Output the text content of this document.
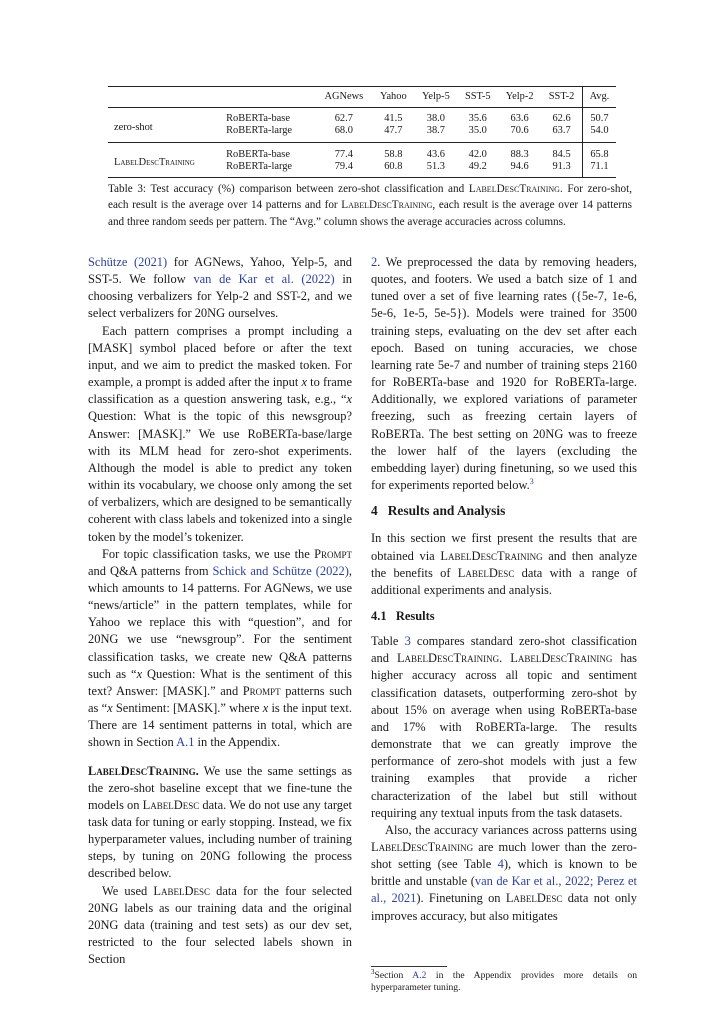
		AGNews	Yahoo	Yelp-5	SST-5	Yelp-2	SST-2	Avg.
zero-shot	RoBERTa-base	62.7	41.5	38.0	35.6	63.6	62.6	50.7
	RoBERTa-large	68.0	47.7	38.7	35.0	70.6	63.7	54.0
LabelDescTraining	RoBERTa-base	77.4	58.8	43.6	42.0	88.3	84.5	65.8
	RoBERTa-large	79.4	60.8	51.3	49.2	94.6	91.3	71.1

Table 3: Test accuracy (%) comparison between zero-shot classification and LabelDescTraining. For zero-shot, each result is the average over 14 patterns and for LabelDescTraining, each result is the average over 14 patterns and three random seeds per pattern. The “Avg.” column shows the average accuracies across columns.

Schütze (2021) for AGNews, Yahoo, Yelp-5, and SST-5. We follow van de Kar et al. (2022) in choosing verbalizers for Yelp-2 and SST-2, and we select verbalizers for 20NG ourselves.

Each pattern comprises a prompt including a [MASK] symbol placed before or after the text input, and we aim to predict the masked token. For example, a prompt is added after the input x to frame classification as a question answering task, e.g., “x Question: What is the topic of this newsgroup? Answer: [MASK].” We use RoBERTa-base/large with its MLM head for zero-shot experiments. Although the model is able to predict any token within its vocabulary, we choose only among the set of verbalizers, which are designed to be semantically coherent with class labels and tokenized into a single token by the model’s tokenizer.

For topic classification tasks, we use the Prompt and Q&A patterns from Schick and Schütze (2022), which amounts to 14 patterns. For AGNews, we use “news/article” in the pattern templates, while for Yahoo we replace this with “question”, and for 20NG we use “newsgroup”. For the sentiment classification tasks, we create new Q&A patterns such as “x Question: What is the sentiment of this text? Answer: [MASK].” and Prompt patterns such as “x Sentiment: [MASK].” where x is the input text. There are 14 sentiment patterns in total, which are shown in Section A.1 in the Appendix.

LabelDescTraining. We use the same settings as the zero-shot baseline except that we fine-tune the models on LabelDesc data. We do not use any target task data for tuning or early stopping. Instead, we fix hyperparameter values, including number of training steps, by tuning on 20NG following the process described below.

We used LabelDesc data for the four selected 20NG labels as our training data and the original 20NG data (training and test sets) as our dev set, restricted to the four selected labels shown in Section

2. We preprocessed the data by removing headers, quotes, and footers. We used a batch size of 1 and tuned over a set of five learning rates ({5e-7, 1e-6, 5e-6, 1e-5, 5e-5}). Models were trained for 3500 training steps, evaluating on the dev set after each epoch. Based on tuning accuracies, we chose learning rate 5e-7 and number of training steps 2160 for RoBERTa-base and 1920 for RoBERTa-large. Additionally, we explored variations of parameter freezing, such as freezing certain layers of RoBERTa. The best setting on 20NG was to freeze the lower half of the layers (excluding the embedding layer) during finetuning, so we used this for experiments reported below.$^3$

4 Results and Analysis

In this section we first present the results that are obtained via LabelDescTraining and then analyze the benefits of LabelDesc data with a range of additional experiments and analysis.

4.1 Results

Table 3 compares standard zero-shot classification and LabelDescTraining. LabelDescTraining has higher accuracy across all topic and sentiment classification datasets, outperforming zero-shot by about 15% on average when using RoBERTa-base and 17% with RoBERTa-large. The results demonstrate that we can greatly improve the performance of zero-shot models with just a few training examples that provide a richer characterization of the label but still without requiring any textual inputs from the task datasets.

Also, the accuracy variances across patterns using LabelDescTraining are much lower than the zero-shot setting (see Table 4), which is known to be brittle and unstable (van de Kar et al., 2022; Perez et al., 2021). Finetuning on LabelDesc data not only improves accuracy, but also mitigates

$^3$Section A.2 in the Appendix provides more details on hyperparameter tuning.
